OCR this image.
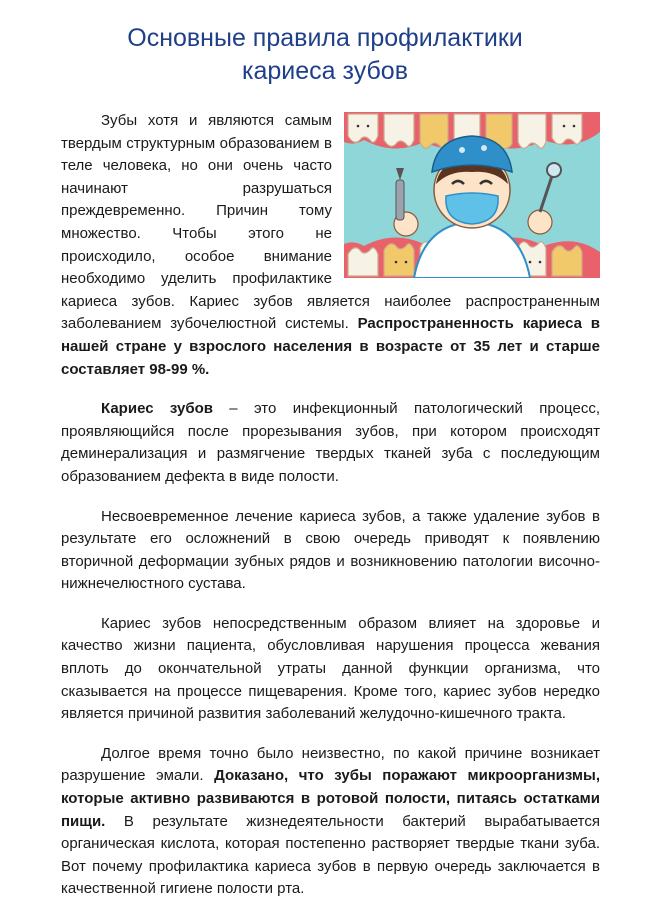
Основные правила профилактики
кариеса зубов

Зубы хотя и являются самым твердым структурным образованием в теле человека, но они очень часто начинают разрушаться преждевременно. Причин тому множество. Чтобы этого не происходило, особое внимание необходимо уделить профилактике кариеса зубов. Кариес зубов является наиболее распространенным заболеванием зубочелюстной системы. Распространенность кариеса в нашей стране у взрослого населения в возрасте от 35 лет и старше составляет 98-99 %.

Кариес зубов – это инфекционный патологический процесс, проявляющийся после прорезывания зубов, при котором происходят деминерализация и размягчение твердых тканей зуба с последующим образованием дефекта в виде полости.

Несвоевременное лечение кариеса зубов, а также удаление зубов в результате его осложнений в свою очередь приводят к появлению вторичной деформации зубных рядов и возникновению патологии височно-нижнечелюстного сустава.

Кариес зубов непосредственным образом влияет на здоровье и качество жизни пациента, обусловливая нарушения процесса жевания вплоть до окончательной утраты данной функции организма, что сказывается на процессе пищеварения. Кроме того, кариес зубов нередко является причиной развития заболеваний желудочно-кишечного тракта.

Долгое время точно было неизвестно, по какой причине возникает разрушение эмали. Доказано, что зубы поражают микроорганизмы, которые активно развиваются в ротовой полости, питаясь остатками пищи. В результате жизнедеятельности бактерий вырабатывается органическая кислота, которая постепенно растворяет твердые ткани зуба. Вот почему профилактика кариеса зубов в первую очередь заключается в качественной гигиене полости рта.
